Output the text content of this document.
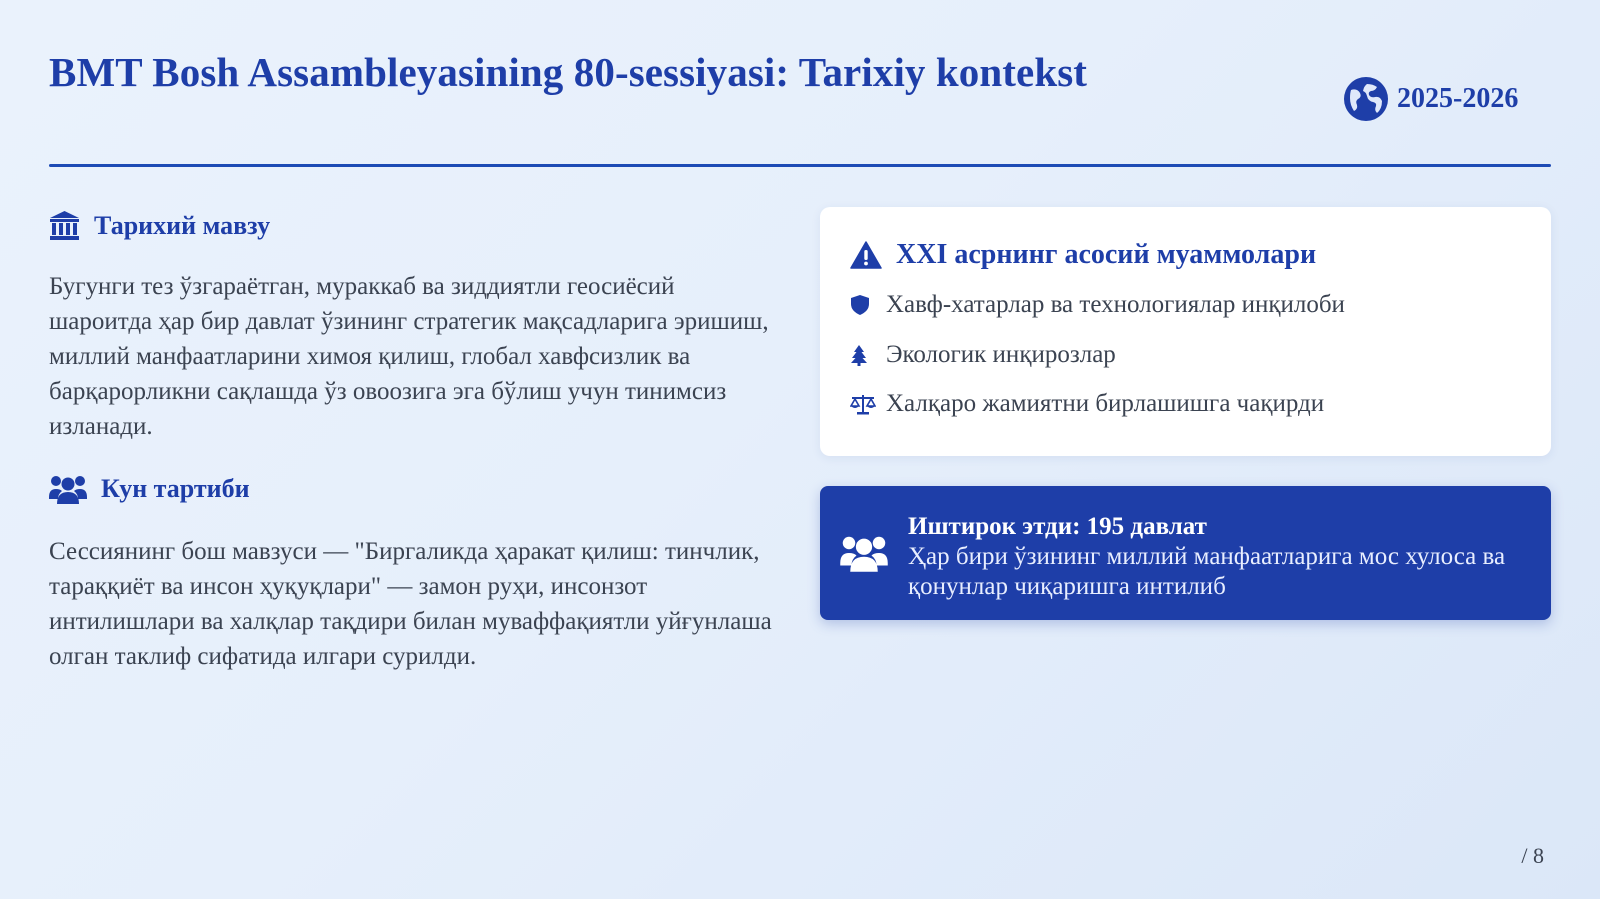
BMT Bosh Assambleyasining 80-sessiyasi: Tarixiy kontekst
2025-2026
Тарихий мавзу

Бугунги тез ўзгараётган, мураккаб ва зиддиятли геосиёсий шароитда ҳар бир давлат ўзининг стратегик мақсадларига эришиш, миллий манфаатларини химоя қилиш, глобал хавфсизлик ва барқарорликни сақлашда ўз овоозига эга бўлиш учун тинимсиз изланади.

Кун тартиби

Сессиянинг бош мавзуси — "Биргаликда ҳаракат қилиш: тинчлик, тараққиёт ва инсон ҳуқуқлари" — замон руҳи, инсонзот интилишлари ва халқлар тақдири билан муваффақиятли уйғунлаша олган таклиф сифатида илгари сурилди.

XXI асрнинг асосий муаммолари
Хавф-хатарлар ва технологиялар инқилоби
Экологик инқирозлар
Халқаро жамиятни бирлашишга чақирди
Иштирок этди: 195 давлат
Ҳар бири ўзининг миллий манфаатларига мос хулоса ва қонунлар чиқаришга интилиб
/ 8
